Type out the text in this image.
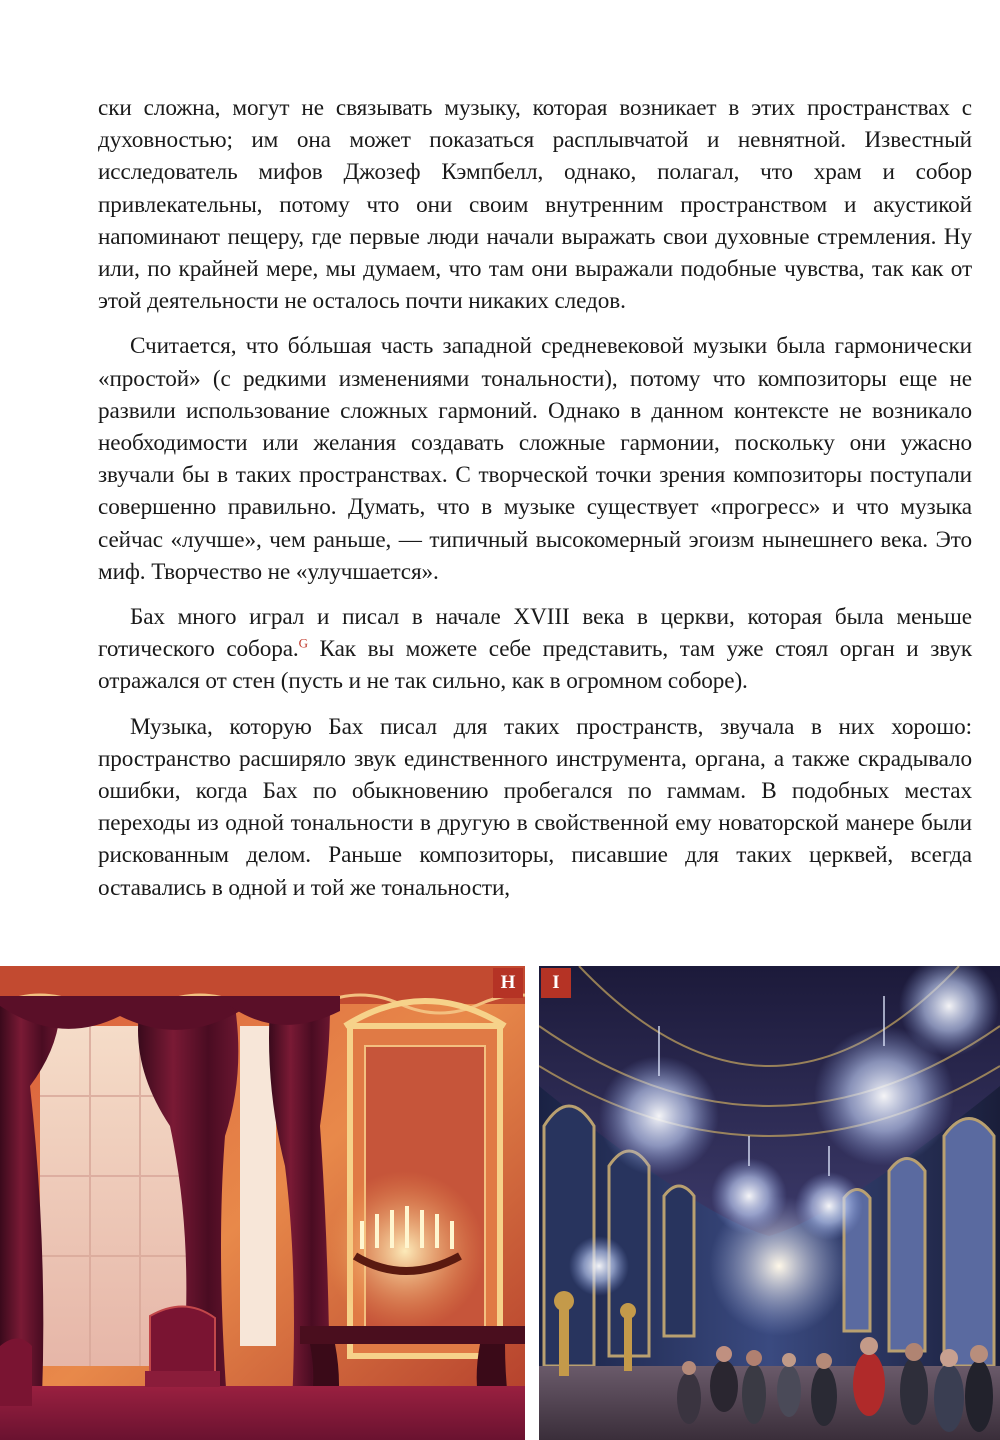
ски сложна, могут не связывать музыку, которая возникает в этих пространствах с духовностью; им она может показаться расплывчатой и невнятной. Известный исследователь мифов Джозеф Кэмпбелл, однако, полагал, что храм и собор привлекательны, потому что они своим внутренним пространством и акустикой напоминают пещеру, где первые люди начали выражать свои духовные стремления. Ну или, по крайней мере, мы думаем, что там они выражали подобные чувства, так как от этой деятельности не осталось почти никаких следов.

Считается, что бóльшая часть западной средневековой музыки была гармонически «простой» (с редкими изменениями тональности), потому что композиторы еще не развили использование сложных гармоний. Однако в данном контексте не возникало необходимости или желания создавать сложные гармонии, поскольку они ужасно звучали бы в таких пространствах. С творческой точки зрения композиторы поступали совершенно правильно. Думать, что в музыке существует «прогресс» и что музыка сейчас «лучше», чем раньше, — типичный высокомерный эгоизм нынешнего века. Это миф. Творчество не «улучшается».

Бах много играл и писал в начале XVIII века в церкви, которая была меньше готического собора.$^G$ Как вы можете себе представить, там уже стоял орган и звук отражался от стен (пусть и не так сильно, как в огромном соборе).

Музыка, которую Бах писал для таких пространств, звучала в них хорошо: пространство расширяло звук единственного инструмента, органа, а также скрадывало ошибки, когда Бах по обыкновению пробегался по гаммам. В подобных местах переходы из одной тональности в другую в свойственной ему новаторской манере были рискованным делом. Раньше композиторы, писавшие для таких церквей, всегда оставались в одной и той же тональности,

H	I
